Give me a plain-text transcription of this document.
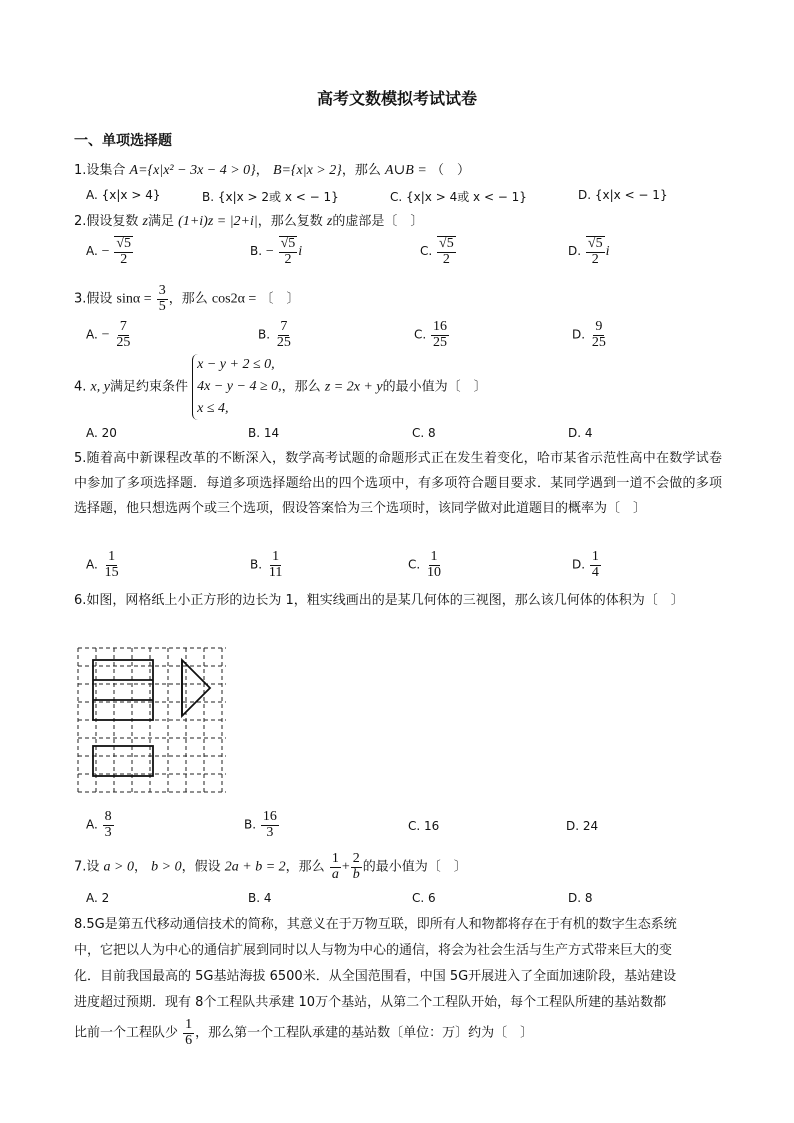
高考文数模拟考试试卷
一、单项选择题
1.设集合 A={x|x² − 3x − 4 > 0}， B={x|x > 2}，那么 A∪B = （　）
A. {x|x > 4}	B. {x|x > 2或 x < − 1}	C. {x|x > 4或 x < − 1}	D. {x|x < − 1}
2.假设复数 z满足 (1+i)z = |2+i|，那么复数 z的虚部是〔　〕
A. − $\frac{√5}{2}$	B. − $\frac{√5}{2}$ i	C. $\frac{√5}{2}$	D. $\frac{√5}{2}$ i
3.假设 $\sin\alpha = \frac{3}{5}$ ，那么 cos2α = 〔　〕
A. − $\frac{7}{25}$	B. $\frac{7}{25}$	C. $\frac{16}{25}$	D. $\frac{9}{25}$
4. x, y满足约束条件
x − y + 2 ≤ 0,
4x − y − 4 ≥ 0,
x ≤ 4,
，那么 z = 2x + y的最小值为〔　〕
A. 20	B. 14	C. 8	D. 4
5.随着高中新课程改革的不断深入，数学高考试题的命题形式正在发生着变化，哈市某省示范性高中在数学试卷中参加了多项选择题．每道多项选择题给出的四个选项中，有多项符合题目要求．某同学遇到一道不会做的多项选择题，他只想选两个或三个选项，假设答案恰为三个选项时，该同学做对此道题目的概率为〔　〕
A. $\frac{1}{15}$	B. $\frac{1}{11}$	C. $\frac{1}{10}$	D. $\frac{1}{4}$
6.如图，网格纸上小正方形的边长为 1，粗实线画出的是某几何体的三视图，那么该几何体的体积为〔　〕
A. $\frac{8}{3}$	B. $\frac{16}{3}$	C. 16	D. 24
7.设 a > 0， b > 0，假设 2a + b = 2，那么 $\frac{1}{a} + \frac{2}{b}$ 的最小值为〔　〕
A. 2	B. 4	C. 6	D. 8
8.5G是第五代移动通信技术的简称，其意义在于万物互联，即所有人和物都将存在于有机的数字生态系统
中，它把以人为中心的通信扩展到同时以人与物为中心的通信，将会为社会生活与生产方式带来巨大的变
化．目前我国最高的 5G基站海拔 6500米．从全国范围看，中国 5G开展进入了全面加速阶段，基站建设
进度超过预期．现有 8个工程队共承建 10万个基站，从第二个工程队开始，每个工程队所建的基站数都
比前一个工程队少 $\frac{1}{6}$ ，那么第一个工程队承建的基站数〔单位：万〕约为〔　〕
